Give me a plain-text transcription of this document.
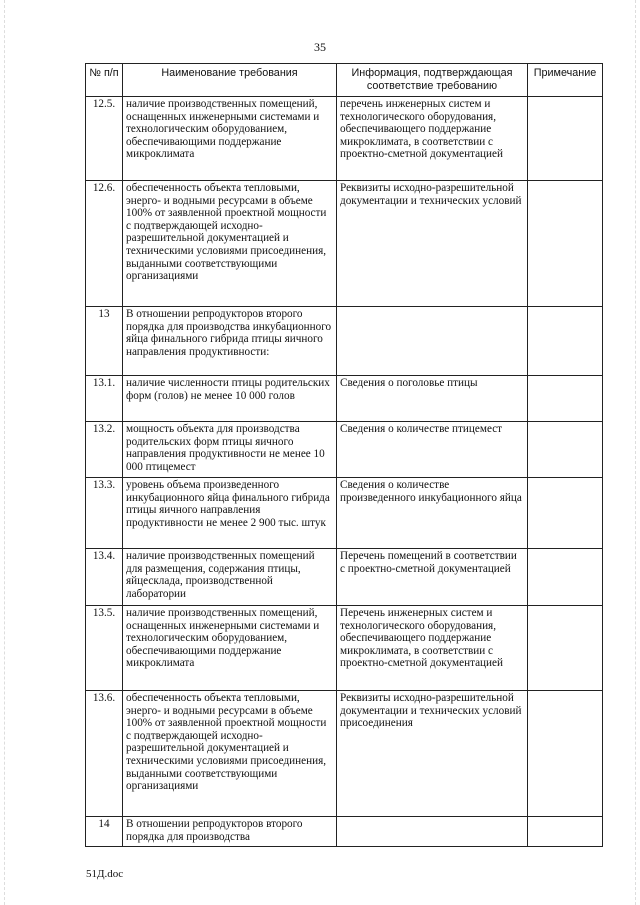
35
№ п/п	Наименование требования	Информация, подтверждающая соответствие требованию	Примечание
12.5.	наличие производственных помещений, оснащенных инженерными системами и технологическим оборудованием, обеспечивающими поддержание микроклимата	перечень инженерных систем и технологического оборудования, обеспечивающего поддержание микроклимата, в соответствии с проектно-сметной документацией	
12.6.	обеспеченность объекта тепловыми, энерго- и водными ресурсами в объеме 100% от заявленной проектной мощности с подтверждающей исходно-разрешительной документацией и техническими условиями присоединения, выданными соответствующими организациями	Реквизиты исходно-разрешительной документации и технических условий	
13	В отношении репродукторов второго порядка для производства инкубационного яйца финального гибрида птицы яичного направления продуктивности:		
13.1.	наличие численности птицы родительских форм (голов) не менее 10 000 голов	Сведения о поголовье птицы	
13.2.	мощность объекта для производства родительских форм птицы яичного направления продуктивности не менее 10 000 птицемест	Сведения о количестве птицемест	
13.3.	уровень объема произведенного инкубационного яйца финального гибрида птицы яичного направления продуктивности не менее 2 900 тыс. штук	Сведения о количестве произведенного инкубационного яйца	
13.4.	наличие производственных помещений для размещения, содержания птицы, яйцесклада, производственной лаборатории	Перечень помещений в соответствии с проектно-сметной документацией	
13.5.	наличие производственных помещений, оснащенных инженерными системами и технологическим оборудованием, обеспечивающими поддержание микроклимата	Перечень инженерных систем и технологического оборудования, обеспечивающего поддержание микроклимата, в соответствии с проектно-сметной документацией	
13.6.	обеспеченность объекта тепловыми, энерго- и водными ресурсами в объеме 100% от заявленной проектной мощности с подтверждающей исходно-разрешительной документацией и техническими условиями присоединения, выданными соответствующими организациями	Реквизиты исходно-разрешительной документации и технических условий присоединения	
14	В отношении репродукторов второго порядка для производства		
51Д.doc
